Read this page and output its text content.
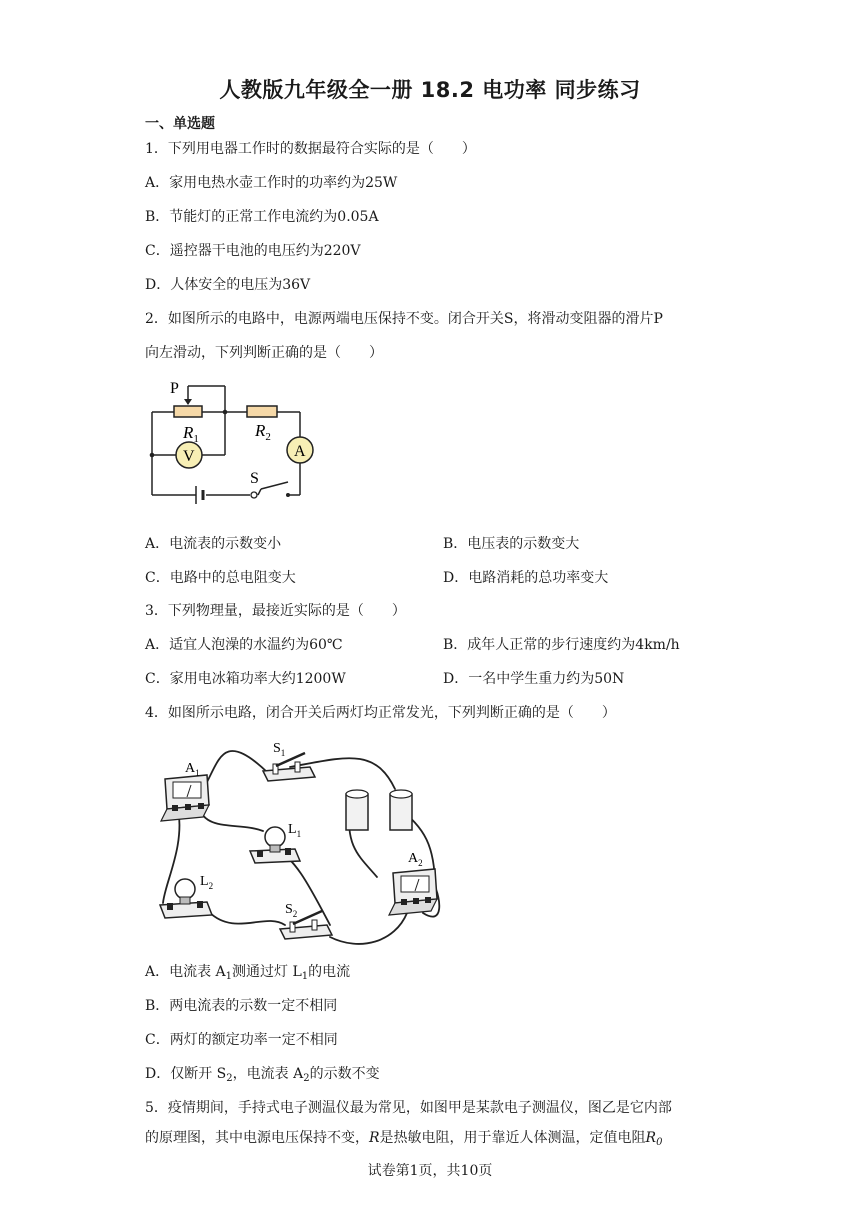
人教版九年级全一册 18.2 电功率 同步练习
一、单选题
1．下列用电器工作时的数据最符合实际的是（　　）
A．家用电热水壶工作时的功率约为25W
B．节能灯的正常工作电流约为0.05A
C．遥控器干电池的电压约为220V
D．人体安全的电压为36V
2．如图所示的电路中，电源两端电压保持不变。闭合开关S，将滑动变阻器的滑片P
向左滑动，下列判断正确的是（　　）
P
$R_1$	$R_2$
V	A
S
A．电流表的示数变小	B．电压表的示数变大
C．电路中的总电阻变大	D．电路消耗的总功率变大
3．下列物理量，最接近实际的是（　　）
A．适宜人泡澡的水温约为60℃	B．成年人正常的步行速度约为4km/h
C．家用电冰箱功率大约1200W	D．一名中学生重力约为50N
4．如图所示电路，闭合开关后两灯均正常发光，下列判断正确的是（　　）
$A_1$
$S_1$
$L_1$
$L_2$
$A_2$
$S_2$
A．电流表 $A_1$测通过灯 $L_1$的电流
B．两电流表的示数一定不相同
C．两灯的额定功率一定不相同
D．仅断开 $S_2$，电流表 $A_2$的示数不变
5．疫情期间，手持式电子测温仪最为常见，如图甲是某款电子测温仪，图乙是它内部
的原理图，其中电源电压保持不变，R是热敏电阻，用于靠近人体测温，定值电阻$R_0$
试卷第1页，共10页
